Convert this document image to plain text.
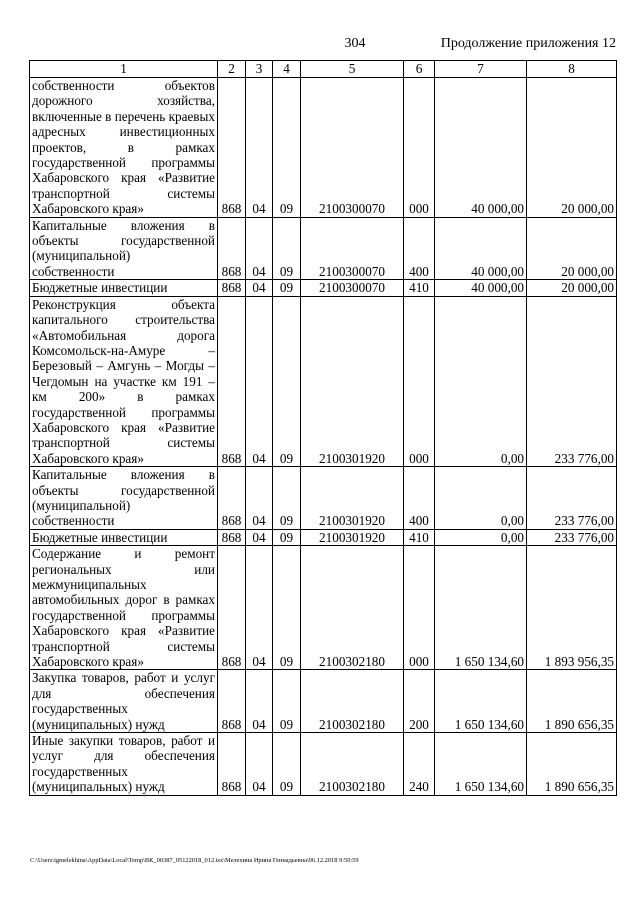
304	Продолжение приложения 12
1	2	3	4	5	6	7	8
собственности объектов дорожного хозяйства, включенные в перечень краевых адресных инвестиционных проектов, в рамках государственной программы Хабаровского края «Развитие транспортной системы Хабаровского края»	868	04	09	2100300070	000	40 000,00	20 000,00
Капитальные вложения в объекты государственной (муниципальной) собственности	868	04	09	2100300070	400	40 000,00	20 000,00
Бюджетные инвестиции	868	04	09	2100300070	410	40 000,00	20 000,00
Реконструкция объекта капитального строительства «Автомобильная дорога Комсомольск-на-Амуре – Березовый – Амгунь – Могды – Чегдомын на участке км 191 – км 200» в рамках государственной программы Хабаровского края «Развитие транспортной системы Хабаровского края»	868	04	09	2100301920	000	0,00	233 776,00
Капитальные вложения в объекты государственной (муниципальной) собственности	868	04	09	2100301920	400	0,00	233 776,00
Бюджетные инвестиции	868	04	09	2100301920	410	0,00	233 776,00
Содержание и ремонт региональных или межмуниципальных автомобильных дорог в рамках государственной программы Хабаровского края «Развитие транспортной системы Хабаровского края»	868	04	09	2100302180	000	1 650 134,60	1 893 956,35
Закупка товаров, работ и услуг для обеспечения государственных (муниципальных) нужд	868	04	09	2100302180	200	1 650 134,60	1 890 656,35
Иные закупки товаров, работ и услуг для обеспечения государственных (муниципальных) нужд	868	04	09	2100302180	240	1 650 134,60	1 890 656,35
C:\Users\igmelekhina\AppData\Local\Temp\ВК_00387_05122018_012.tsx\Мелехина Ирина Геннадьевна\06.12.2018 9:50:59
